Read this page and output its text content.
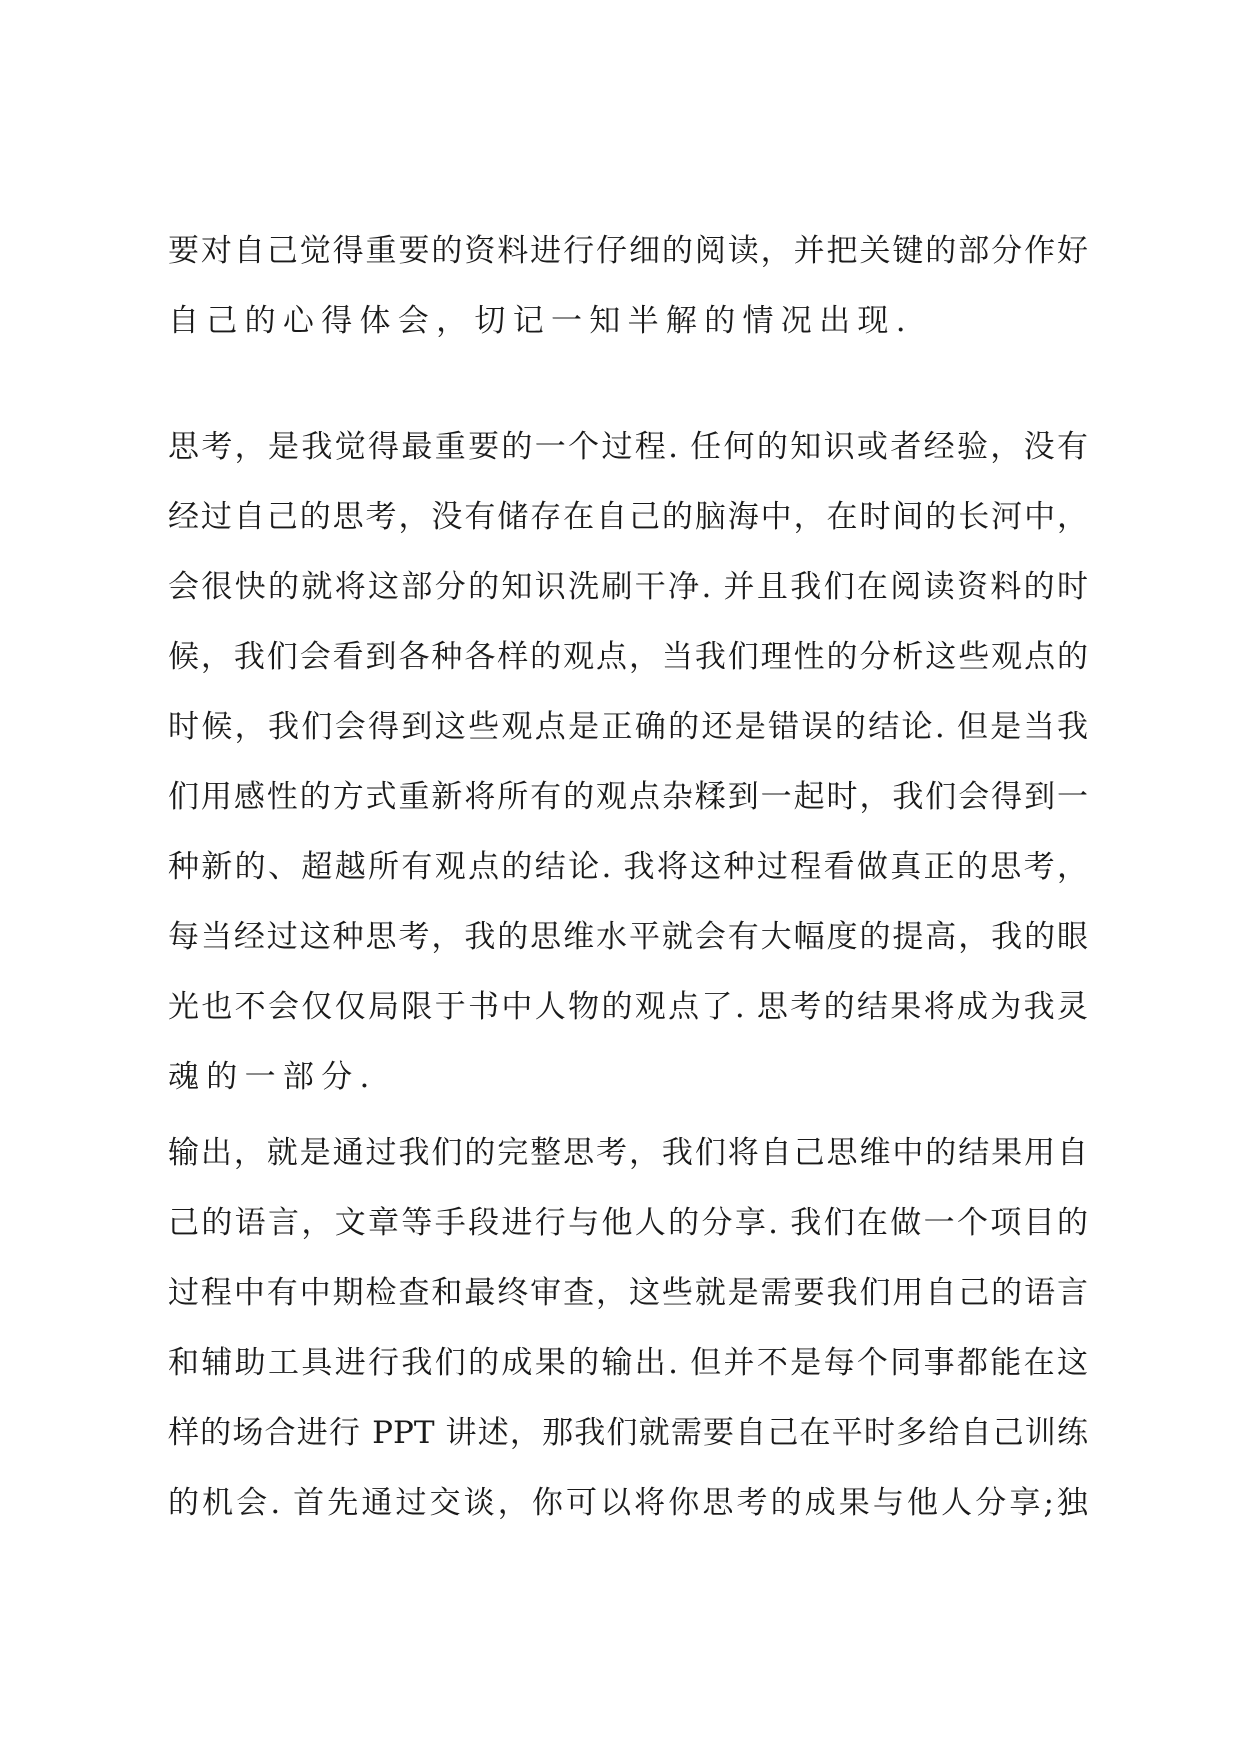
要对自己觉得重要的资料进行仔细的阅读，并把关键的部分作好
自己的心得体会，切记一知半解的情况出现.
思考，是我觉得最重要的一个过程. 任何的知识或者经验，没有
经过自己的思考，没有储存在自己的脑海中，在时间的长河中，
会很快的就将这部分的知识洗刷干净. 并且我们在阅读资料的时
候，我们会看到各种各样的观点，当我们理性的分析这些观点的
时候，我们会得到这些观点是正确的还是错误的结论. 但是当我
们用感性的方式重新将所有的观点杂糅到一起时，我们会得到一
种新的、超越所有观点的结论. 我将这种过程看做真正的思考，
每当经过这种思考，我的思维水平就会有大幅度的提高，我的眼
光也不会仅仅局限于书中人物的观点了. 思考的结果将成为我灵
魂的一部分.
输出，就是通过我们的完整思考，我们将自己思维中的结果用自
己的语言，文章等手段进行与他人的分享. 我们在做一个项目的
过程中有中期检查和最终审查，这些就是需要我们用自己的语言
和辅助工具进行我们的成果的输出. 但并不是每个同事都能在这
样的场合进行 PPT 讲述，那我们就需要自己在平时多给自己训练
的机会. 首先通过交谈，你可以将你思考的成果与他人分享;独
